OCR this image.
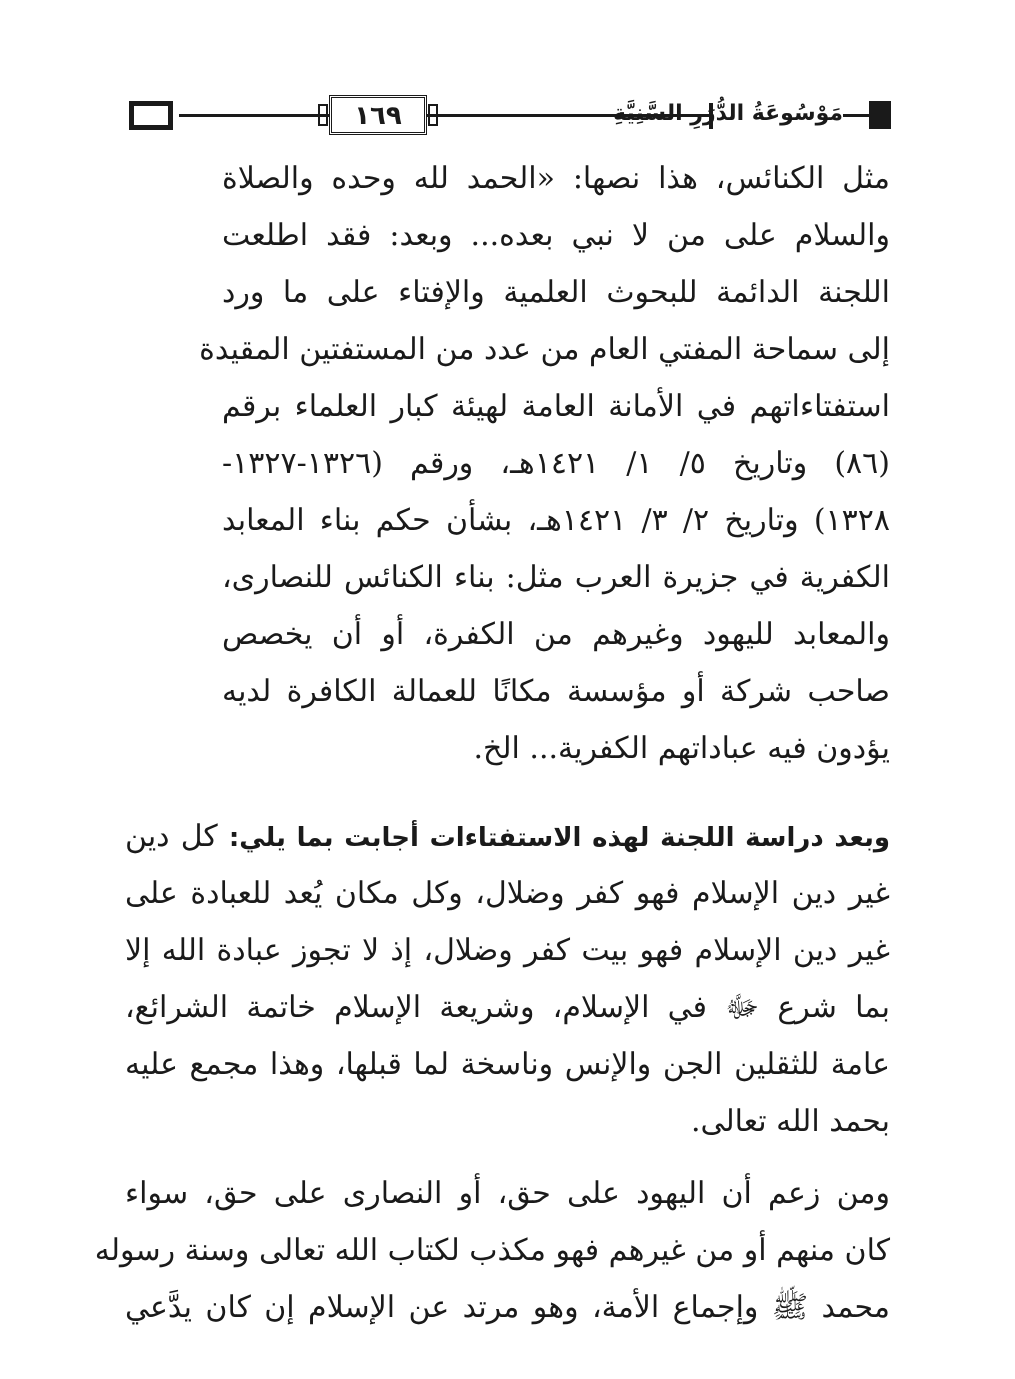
١٦٩	مَوْسُوعَةُ الدُّرَرِ السَّنِيَّةِ
مثل الكنائس، هذا نصها: «الحمد لله وحده والصلاة
والسلام على من لا نبي بعده... وبعد: فقد اطلعت
اللجنة الدائمة للبحوث العلمية والإفتاء على ما ورد
إلى سماحة المفتي العام من عدد من المستفتين المقيدة
استفتاءاتهم في الأمانة العامة لهيئة كبار العلماء برقم
(٨٦) وتاريخ ٥/ ١/ ١٤٢١هـ، ورقم (١٣٢٦-١٣٢٧-
١٣٢٨) وتاريخ ٢/ ٣/ ١٤٢١هـ، بشأن حكم بناء المعابد
الكفرية في جزيرة العرب مثل: بناء الكنائس للنصارى،
والمعابد لليهود وغيرهم من الكفرة، أو أن يخصص
صاحب شركة أو مؤسسة مكانًا للعمالة الكافرة لديه
يؤدون فيه عباداتهم الكفرية... الخ.
وبعد دراسة اللجنة لهذه الاستفتاءات أجابت بما يلي: كل دين
غير دين الإسلام فهو كفر وضلال، وكل مكان يُعد للعبادة على
غير دين الإسلام فهو بيت كفر وضلال، إذ لا تجوز عبادة الله إلا
بما شرع ﷻ في الإسلام، وشريعة الإسلام خاتمة الشرائع،
عامة للثقلين الجن والإنس وناسخة لما قبلها، وهذا مجمع عليه
بحمد الله تعالى.
ومن زعم أن اليهود على حق، أو النصارى على حق، سواء
كان منهم أو من غيرهم فهو مكذب لكتاب الله تعالى وسنة رسوله
محمد ﷺ وإجماع الأمة، وهو مرتد عن الإسلام إن كان يدَّعي
